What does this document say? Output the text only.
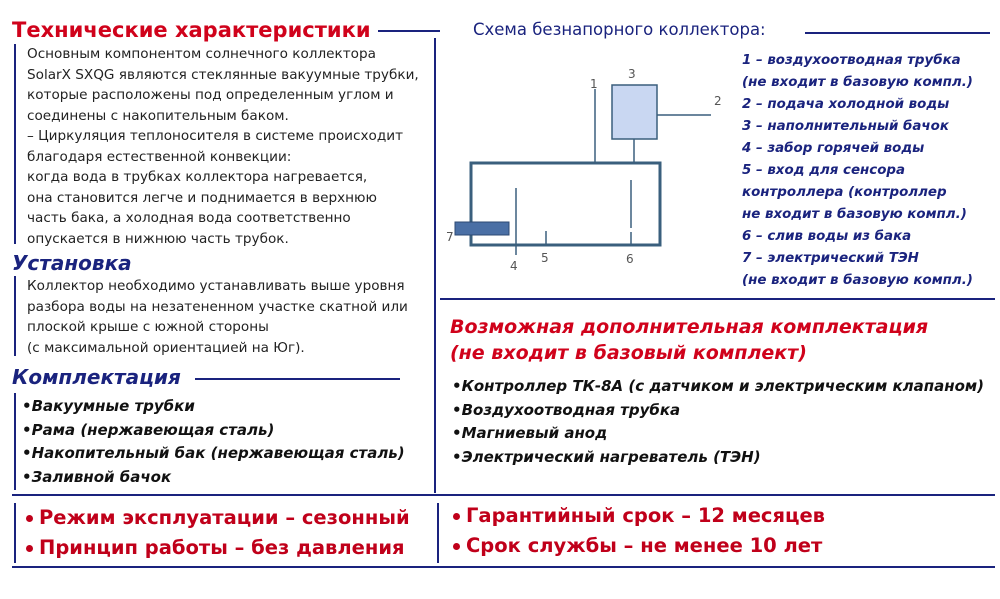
Технические характеристики
Основным компонентом солнечного коллектора
SolarX SXQG являются стеклянные вакуумные трубки,
которые расположены под определенным углом и
соединены с накопительным баком.
– Циркуляция теплоносителя в системе происходит
благодаря естественной конвекции:
когда вода в трубках коллектора нагревается,
она становится легче и поднимается в верхнюю
часть бака, а холодная вода соответственно
опускается в нижнюю часть трубок.
Установка
Коллектор необходимо устанавливать выше уровня
разбора воды на незатененном участке скатной или
плоской крыше с южной стороны
(с максимальной ориентацией на Юг).
Комплектация
•Вакуумные трубки
•Рама (нержавеющая сталь)
•Накопительный бак (нержавеющая сталь)
•Заливной бачок
Схема безнапорного коллектора:
1
2
3
4
5	6
7
1 – воздухоотводная трубка
(не входит в базовую компл.)
2 – подача холодной воды
3 – наполнительный бачок
4 – забор горячей воды
5 – вход для сенсора
контроллера (контроллер
не входит в базовую компл.)
6 – слив воды из бака
7 – электрический ТЭН
(не входит в базовую компл.)
Возможная дополнительная комплектация
(не входит в базовый комплект)
•Контроллер ТК-8А (с датчиком и электрическим клапаном)
•Воздухоотводная трубка
•Магниевый анод
•Электрический нагреватель (ТЭН)
Режим эксплуатации – сезонный
Принцип работы – без давления
Гарантийный срок – 12 месяцев
Срок службы – не менее 10 лет
